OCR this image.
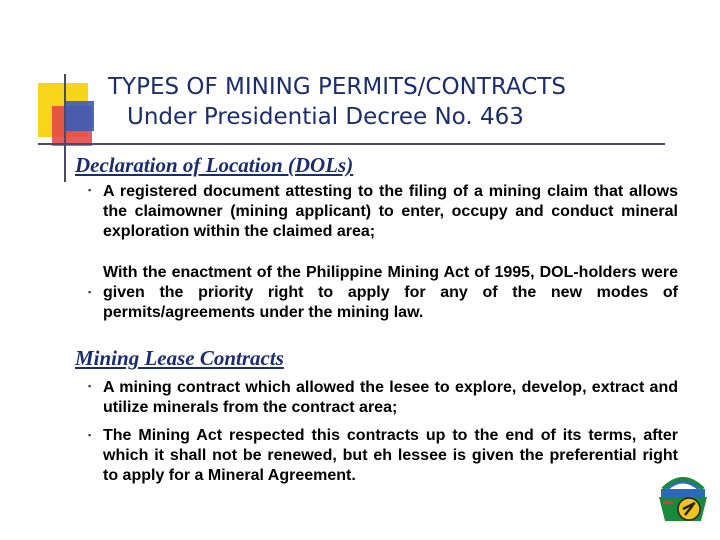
TYPES OF MINING PERMITS/CONTRACTS
Under Presidential Decree No. 463
Declaration of Location (DOLs)
▪ A registered document attesting to the filing of a mining claim that allows the claimowner (mining applicant) to enter, occupy and conduct mineral exploration within the claimed area;
▪
With the enactment of the Philippine Mining Act of 1995, DOL-holders were given the priority right to apply for any of the new modes of permits/agreements under the mining law.
Mining Lease Contracts
▪ A mining contract which allowed the lesee to explore, develop, extract and utilize minerals from the contract area;
▪ The Mining Act respected this contracts up to the end of its terms, after which it shall not be renewed, but eh lessee is given the preferential right to apply for a Mineral Agreement.
